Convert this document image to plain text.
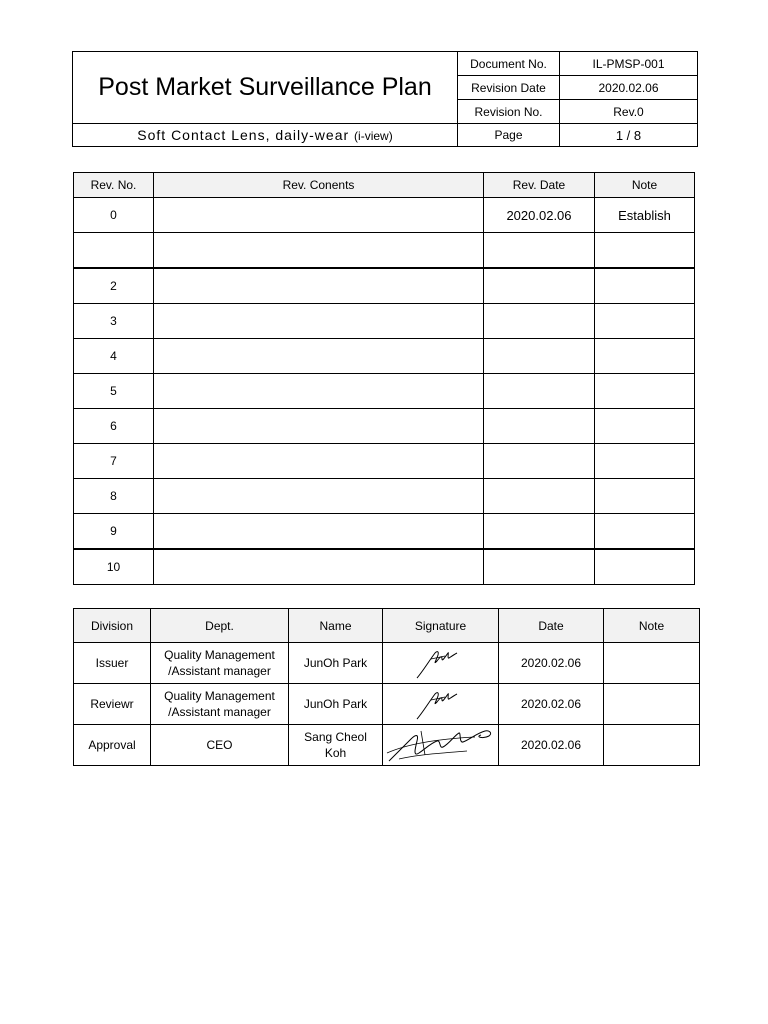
Post Market Surveillance Plan	Document No.	IL-PMSP-001
	Revision Date	2020.02.06
	Revision No.	Rev.0
Soft Contact Lens, daily-wear (i-view)	Page	1 / 8
Rev. No.	Rev. Conents	Rev. Date	Note
0		2020.02.06	Establish

2			
3			
4			
5			
6			
7			
8			
9			
10			
Division	Dept.	Name	Signature	Date	Note
Issuer	Quality Management
/Assistant manager	JunOh Park		2020.02.06	
Reviewr	Quality Management
/Assistant manager	JunOh Park		2020.02.06	
Approval	CEO	Sang Cheol
Koh		2020.02.06	
